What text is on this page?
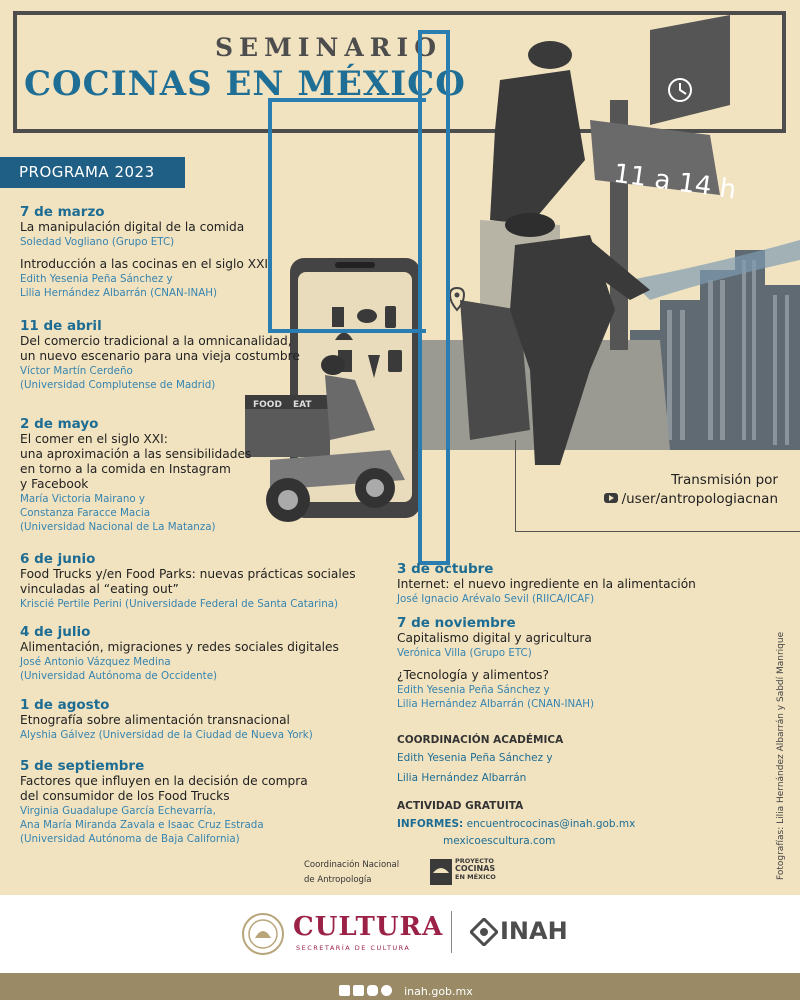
SEMINARIO
COCINAS EN MÉXICO
11 a 14 h
FOOD EAT
PROGRAMA 2023
7 de marzo
La manipulación digital de la comida
Soledad Vogliano (Grupo ETC)
Introducción a las cocinas en el siglo XXI
Edith Yesenia Peña Sánchez y
Lilia Hernández Albarrán (CNAN-INAH)
11 de abril
Del comercio tradicional a la omnicanalidad,
un nuevo escenario para una vieja costumbre
Víctor Martín Cerdeño
(Universidad Complutense de Madrid)
2 de mayo
El comer en el siglo XXI:
una aproximación a las sensibilidades
en torno a la comida en Instagram
y Facebook
María Victoria Mairano y
Constanza Faracce Macia
(Universidad Nacional de La Matanza)
6 de junio
Food Trucks y/en Food Parks: nuevas prácticas sociales
vinculadas al “eating out”
Kriscié Pertile Perini (Universidade Federal de Santa Catarina)
4 de julio
Alimentación, migraciones y redes sociales digitales
José Antonio Vázquez Medina
(Universidad Autónoma de Occidente)
1 de agosto
Etnografía sobre alimentación transnacional
Alyshia Gálvez (Universidad de la Ciudad de Nueva York)
5 de septiembre
Factores que influyen en la decisión de compra
del consumidor de los Food Trucks
Virginia Guadalupe García Echevarría,
Ana María Miranda Zavala e Isaac Cruz Estrada
(Universidad Autónoma de Baja California)
3 de octubre
Internet: el nuevo ingrediente en la alimentación
José Ignacio Arévalo Sevil (RIICA/ICAF)
7 de noviembre
Capitalismo digital y agricultura
Verónica Villa (Grupo ETC)
¿Tecnología y alimentos?
Edith Yesenia Peña Sánchez y
Lilia Hernández Albarrán (CNAN-INAH)
Transmisión por
/user/antropologiacnan
COORDINACIÓN ACADÉMICA
Edith Yesenia Peña Sánchez y
Lilia Hernández Albarrán
ACTIVIDAD GRATUITA
INFORMES: encuentrococinas@inah.gob.mx
mexicoescultura.com
Coordinación Nacional
de Antropología
PROYECTO
COCINAS
EN MÉXICO	Fotografías: Lilia Hernández Albarrán y Sabdí Manrique
CULTURA
SECRETARÍA DE CULTURA
INAH
inah.gob.mx
